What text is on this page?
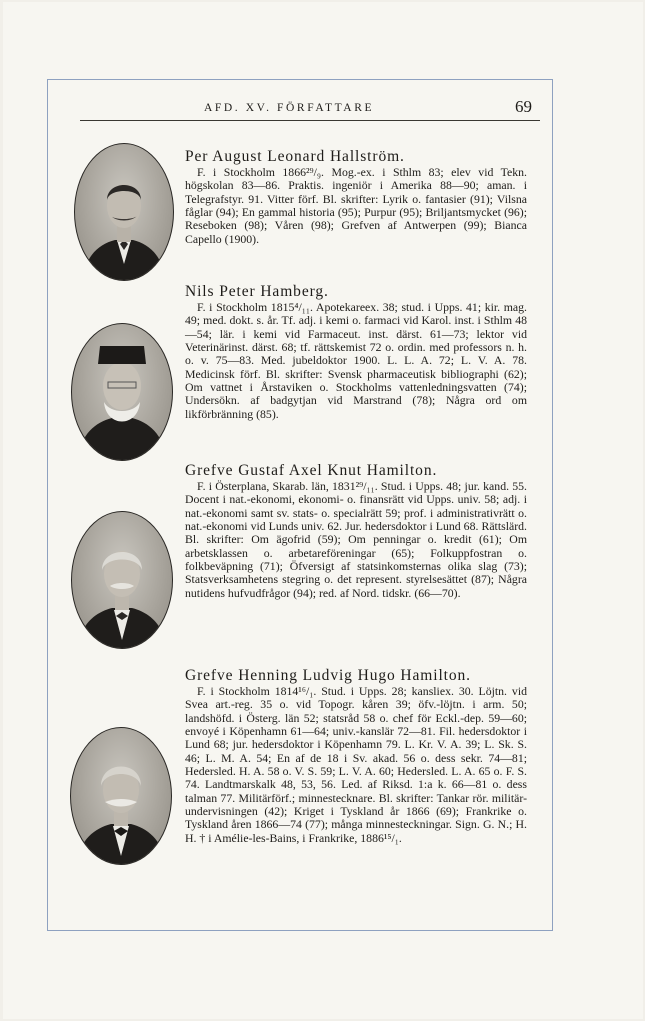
AFD. XV. FÖRFATTARE	69
Per August Leonard Hallström.

F. i Stockholm 1866²⁹/₉. Mog.-ex. i Sthlm 83; elev vid Tekn. högskolan 83—86. Praktis. ingeniör i Amerika 88—90; aman. i Telegrafstyr. 91. Vitter förf. Bl. skrifter: Lyrik o. fantasier (91); Vilsna fåglar (94); En gammal historia (95); Purpur (95); Briljantsmycket (96); Reseboken (98); Våren (98); Grefven af Antwerpen (99); Bianca Capello (1900).

Nils Peter Hamberg.

F. i Stockholm 1815⁴/₁₁. Apotekareex. 38; stud. i Upps. 41; kir. mag. 49; med. dokt. s. år. Tf. adj. i kemi o. farmaci vid Karol. inst. i Sthlm 48—54; lär. i kemi vid Farmaceut. inst. därst. 61—73; lektor vid Veterinärinst. därst. 68; tf. rättskemist 72 o. ordin. med professors n. h. o. v. 75—83. Med. jubeldoktor 1900. L. L. A. 72; L. V. A. 78. Medicinsk förf. Bl. skrifter: Svensk pharmaceutisk bibliographi (62); Om vattnet i Årstaviken o. Stockholms vattenledningsvatten (74); Undersökn. af badgytjan vid Marstrand (78); Några ord om likförbränning (85).

Grefve Gustaf Axel Knut Hamilton.

F. i Österplana, Skarab. län, 1831²⁹/₁₁. Stud. i Upps. 48; jur. kand. 55. Docent i nat.-ekonomi, ekonomi- o. finansrätt vid Upps. univ. 58; adj. i nat.-ekonomi samt sv. stats- o. specialrätt 59; prof. i administrativrätt o. nat.-ekonomi vid Lunds univ. 62. Jur. hedersdoktor i Lund 68. Rättslärd. Bl. skrifter: Om ägofrid (59); Om penningar o. kredit (61); Om arbetsklassen o. arbetareföreningar (65); Folkuppfostran o. folkbeväpning (71); Öfversigt af statsinkomsternas olika slag (73); Statsverksamhetens stegring o. det represent. styrelsesättet (87); Några nutidens hufvudfrågor (94); red. af Nord. tidskr. (66—70).

Grefve Henning Ludvig Hugo Hamilton.

F. i Stockholm 1814¹⁶/₁. Stud. i Upps. 28; kansliex. 30. Löjtn. vid Svea art.-reg. 35 o. vid Topogr. kåren 39; öfv.-löjtn. i arm. 50; landshöfd. i Österg. län 52; statsråd 58 o. chef för Eckl.-dep. 59—60; envoyé i Köpenhamn 61—64; univ.-kanslär 72—81. Fil. hedersdoktor i Lund 68; jur. hedersdoktor i Köpenhamn 79. L. Kr. V. A. 39; L. Sk. S. 46; L. M. A. 54; En af de 18 i Sv. akad. 56 o. dess sekr. 74—81; Hedersled. H. A. 58 o. V. S. 59; L. V. A. 60; Hedersled. L. A. 65 o. F. S. 74. Landtmarskalk 48, 53, 56. Led. af Riksd. 1:a k. 66—81 o. dess talman 77. Militärförf.; minnestecknare. Bl. skrifter: Tankar rör. militär-undervisningen (42); Kriget i Tyskland år 1866 (69); Frankrike o. Tyskland åren 1866—74 (77); många minnesteckningar. Sign. G. N.; H. H. † i Amélie-les-Bains, i Frankrike, 1886¹⁵/₁.
